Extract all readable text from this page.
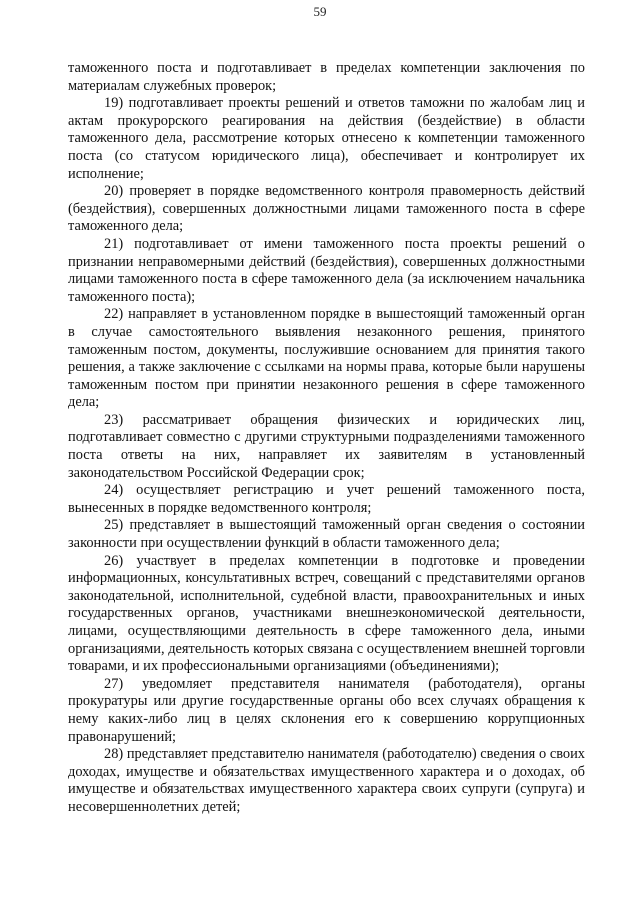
59

таможенного поста и подготавливает в пределах компетенции заключения по материалам служебных проверок;

19) подготавливает проекты решений и ответов таможни по жалобам лиц и актам прокурорского реагирования на действия (бездействие) в области таможенного дела, рассмотрение которых отнесено к компетенции таможенного поста (со статусом юридического лица), обеспечивает и контролирует их исполнение;

20) проверяет в порядке ведомственного контроля правомерность действий (бездействия), совершенных должностными лицами таможенного поста в сфере таможенного дела;

21) подготавливает от имени таможенного поста проекты решений о признании неправомерными действий (бездействия), совершенных должностными лицами таможенного поста в сфере таможенного дела (за исключением начальника таможенного поста);

22) направляет в установленном порядке в вышестоящий таможенный орган в случае самостоятельного выявления незаконного решения, принятого таможенным постом, документы, послужившие основанием для принятия такого решения, а также заключение с ссылками на нормы права, которые были нарушены таможенным постом при принятии незаконного решения в сфере таможенного дела;

23) рассматривает обращения физических и юридических лиц, подготавливает совместно с другими структурными подразделениями таможенного поста ответы на них, направляет их заявителям в установленный законодательством Российской Федерации срок;

24) осуществляет регистрацию и учет решений таможенного поста, вынесенных в порядке ведомственного контроля;

25) представляет в вышестоящий таможенный орган сведения о состоянии законности при осуществлении функций в области таможенного дела;

26) участвует в пределах компетенции в подготовке и проведении информационных, консультативных встреч, совещаний с представителями органов законодательной, исполнительной, судебной власти, правоохранительных и иных государственных органов, участниками внешнеэкономической деятельности, лицами, осуществляющими деятельность в сфере таможенного дела, иными организациями, деятельность которых связана с осуществлением внешней торговли товарами, и их профессиональными организациями (объединениями);

27) уведомляет представителя нанимателя (работодателя), органы прокуратуры или другие государственные органы обо всех случаях обращения к нему каких-либо лиц в целях склонения его к совершению коррупционных правонарушений;

28) представляет представителю нанимателя (работодателю) сведения о своих доходах, имуществе и обязательствах имущественного характера и о доходах, об имуществе и обязательствах имущественного характера своих супруги (супруга) и несовершеннолетних детей;
